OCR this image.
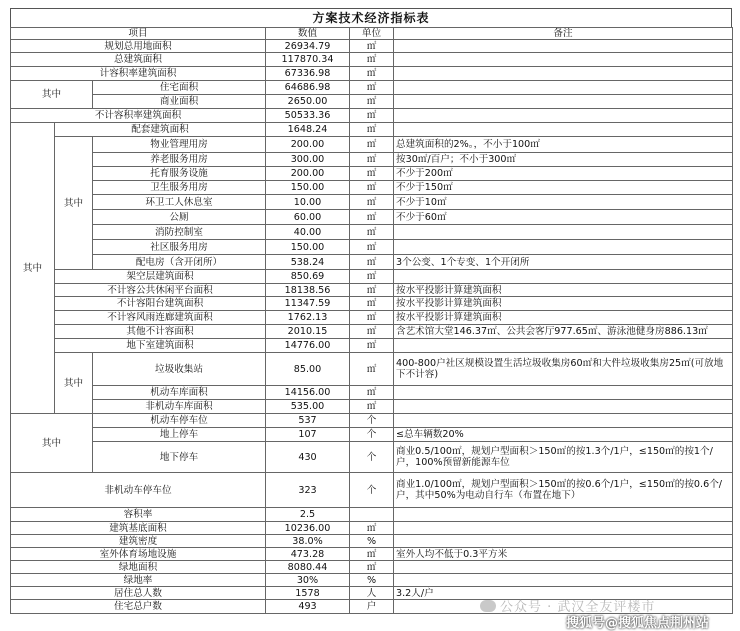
方案技术经济指标表
项目			数值	单位	备注
规划总用地面积			26934.79	㎡	
总建筑面积			117870.34	㎡	
计容积率建筑面积			67336.98	㎡	
其中		住宅面积	64686.98	㎡	
		商业面积	2650.00	㎡	
不计容积率建筑面积			50533.36	㎡	
其中	配套建筑面积		1648.24	㎡	
	其中	物业管理用房	200.00	㎡	总建筑面积的2%。，不小于100㎡
		养老服务用房	300.00	㎡	按30㎡/百户；不小于300㎡
		托育服务设施	200.00	㎡	不少于200㎡
		卫生服务用房	150.00	㎡	不少于150㎡
		环卫工人休息室	10.00	㎡	不少于10㎡
		公厕	60.00	㎡	不少于60㎡
		消防控制室	40.00	㎡	
		社区服务用房	150.00	㎡	
		配电房（含开闭所）	538.24	㎡	3个公变、1个专变、1个开闭所
	架空层建筑面积		850.69	㎡	
	不计容公共休闲平台面积		18138.56	㎡	按水平投影计算建筑面积
	不计容阳台建筑面积		11347.59	㎡	按水平投影计算建筑面积
	不计容风雨连廊建筑面积		1762.13	㎡	按水平投影计算建筑面积
	其他不计容面积		2010.15	㎡	含艺术馆大堂146.37㎡、公共会客厅977.65㎡、游泳池健身房886.13㎡
	地下室建筑面积		14776.00	㎡	
	其中	垃圾收集站	85.00	㎡	400-800户社区规模设置生活垃圾收集房60㎡和大件垃圾收集房25㎡(可放地下不计容)
		机动车库面积	14156.00	㎡	
		非机动车库面积	535.00	㎡	
其中		机动车停车位	537	个	
		地上停车	107	个	≤总车辆数20%
		地下停车	430	个	商业0.5/100㎡，规划户型面积＞150㎡的按1.3个/1户，≤150㎡的按1个/户，100%预留新能源车位
非机动车停车位			323	个	商业1.0/100㎡，规划户型面积＞150㎡的按0.6个/1户，≤150㎡的按0.6个/户，其中50%为电动自行车（布置在地下）
容积率			2.5		
建筑基底面积			10236.00	㎡	
建筑密度			38.0%	%	
室外体育场地设施			473.28	㎡	室外人均不低于0.3平方米
绿地面积			8080.44	㎡	
绿地率			30%	%	
居住总人数			1578	人	3.2人/户
住宅总户数			493	户		公众号 · 武汉全友评楼市
搜狐号@搜狐焦点荆州站
